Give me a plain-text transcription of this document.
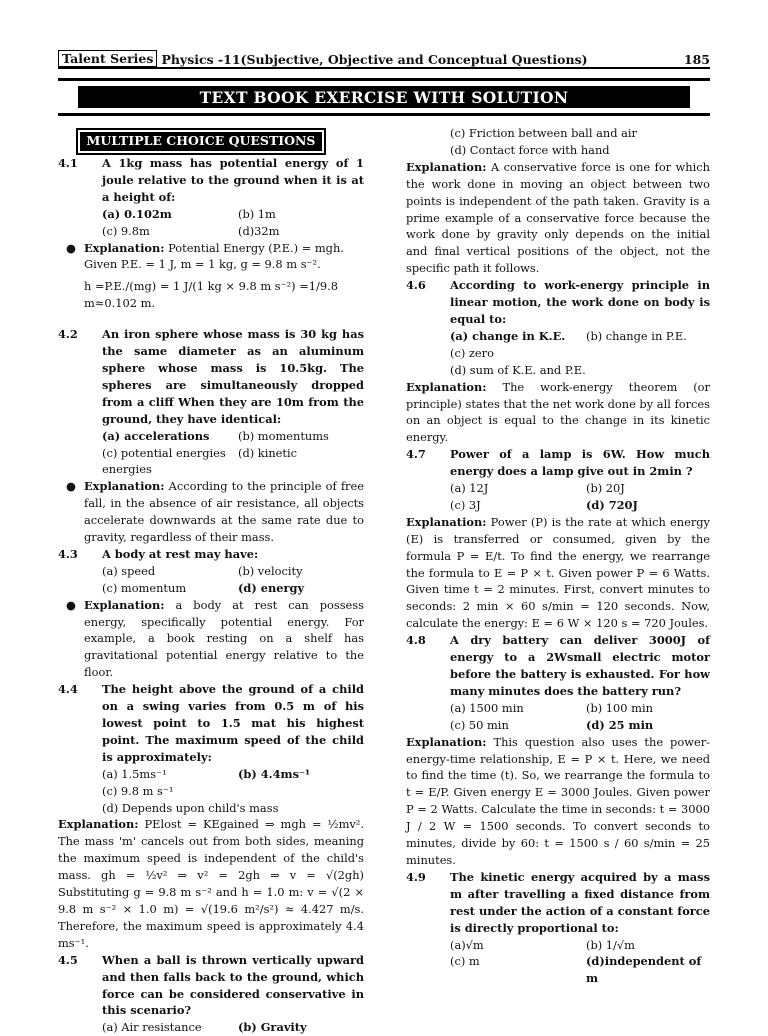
Talent Series Physics -11(Subjective, Objective and Conceptual Questions)	185
TEXT BOOK EXERCISE WITH SOLUTION
MULTIPLE CHOICE QUESTIONS
4.1	A 1kg mass has potential energy of 1 joule relative to the ground when it is at a height of:
(a) 0.102m	(b) 1m
(c) 9.8m	(d)32m
● Explanation: Potential Energy (P.E.) = mgh.
Given P.E. = 1 J, m = 1 kg, g = 9.8 m s⁻².
h =P.E./(mg) = 1 J/(1 kg × 9.8 m s⁻²) =1/9.8
m≈0.102 m.
4.2	An iron sphere whose mass is 30 kg has the same diameter as an aluminum sphere whose mass is 10.5kg. The spheres are simultaneously dropped from a cliff When they are 10m from the ground, they have identical:
(a) accelerations	(b) momentums
(c) potential energies	(d) kinetic
energies
● Explanation: According to the principle of free fall, in the absence of air resistance, all objects accelerate downwards at the same rate due to gravity, regardless of their mass.
4.3	A body at rest may have:
(a) speed	(b) velocity
(c) momentum	(d) energy
● Explanation: a body at rest can possess energy, specifically potential energy. For example, a book resting on a shelf has gravitational potential energy relative to the floor.
4.4	The height above the ground of a child on a swing varies from 0.5 m of his lowest point to 1.5 mat his highest point. The maximum speed of the child is approximately:
(a) 1.5ms⁻¹	(b) 4.4ms⁻¹
(c) 9.8 m s⁻¹
(d) Depends upon child's mass
Explanation: PElost = KEgained ⇒ mgh = ½mv². The mass 'm' cancels out from both sides, meaning the maximum speed is independent of the child's mass. gh = ½v² ⇒ v² = 2gh ⇒ v = √(2gh) Substituting g = 9.8 m s⁻² and h = 1.0 m: v = √(2 × 9.8 m s⁻² × 1.0 m) = √(19.6 m²/s²) ≈ 4.427 m/s. Therefore, the maximum speed is approximately 4.4 ms⁻¹.
4.5	When a ball is thrown vertically upward and then falls back to the ground, which force can be considered conservative in this scenario?
(a) Air resistance	(b) Gravity
(c) Friction between ball and air
(d) Contact force with hand
Explanation: A conservative force is one for which the work done in moving an object between two points is independent of the path taken. Gravity is a prime example of a conservative force because the work done by gravity only depends on the initial and final vertical positions of the object, not the specific path it follows.
4.6	According to work-energy principle in linear motion, the work done on body is equal to:
(a) change in K.E.	(b) change in P.E.
(c) zero
(d) sum of K.E. and P.E.
Explanation: The work-energy theorem (or principle) states that the net work done by all forces on an object is equal to the change in its kinetic energy.
4.7	Power of a lamp is 6W. How much energy does a lamp give out in 2min ?
(a) 12J	(b) 20J
(c) 3J	(d) 720J
Explanation: Power (P) is the rate at which energy (E) is transferred or consumed, given by the formula P = E/t. To find the energy, we rearrange the formula to E = P × t. Given power P = 6 Watts. Given time t = 2 minutes. First, convert minutes to seconds: 2 min × 60 s/min = 120 seconds. Now, calculate the energy: E = 6 W × 120 s = 720 Joules.
4.8	A dry battery can deliver 3000J of energy to a 2Wsmall electric motor before the battery is exhausted. For how many minutes does the battery run?
(a) 1500 min	(b) 100 min
(c) 50 min	(d) 25 min
Explanation: This question also uses the power-energy-time relationship, E = P × t. Here, we need to find the time (t). So, we rearrange the formula to t = E/P. Given energy E = 3000 Joules. Given power P = 2 Watts. Calculate the time in seconds: t = 3000 J / 2 W = 1500 seconds. To convert seconds to minutes, divide by 60: t = 1500 s / 60 s/min = 25 minutes.
4.9	The kinetic energy acquired by a mass m after travelling a fixed distance from rest under the action of a constant force is directly proportional to:
(a)√m	(b) 1/√m
(c) m	(d)independent of m
